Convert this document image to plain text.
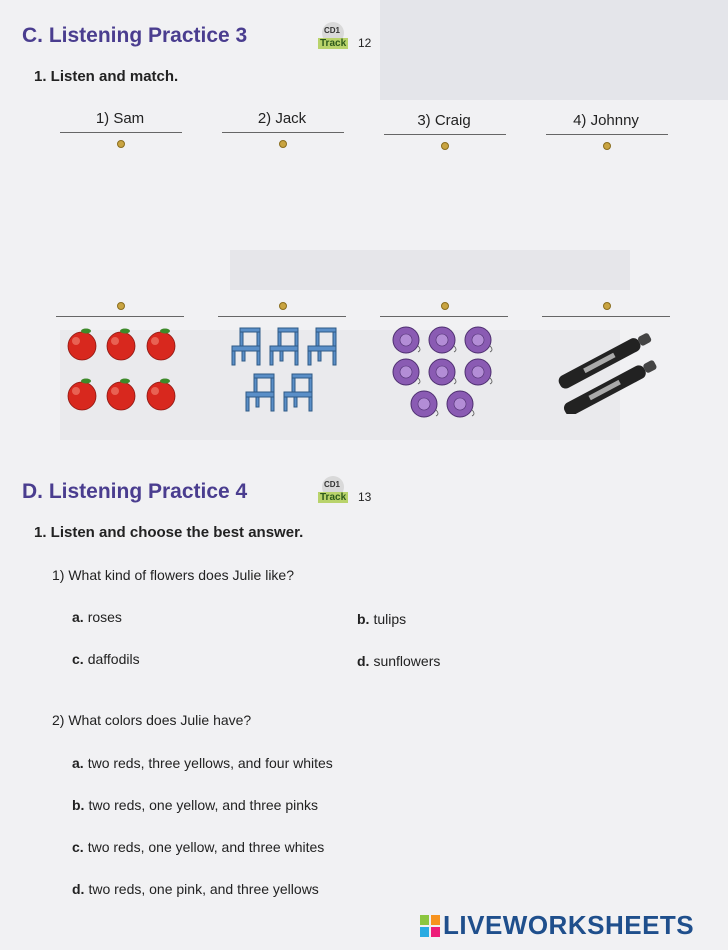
C. Listening Practice 3	CD1
Track 12
1. Listen and match.
1) Sam	2) Jack	3) Craig	4) Johnny
D. Listening Practice 4	CD1
Track 13
1. Listen and choose the best answer.
1) What kind of flowers does Julie like?
a. roses	b. tulips
c. daffodils	d. sunflowers
2) What colors does Julie have?
a. two reds, three yellows, and four whites
b. two reds, one yellow, and three pinks
c. two reds, one yellow, and three whites
d. two reds, one pink, and three yellows
LIVEWORKSHEETS
